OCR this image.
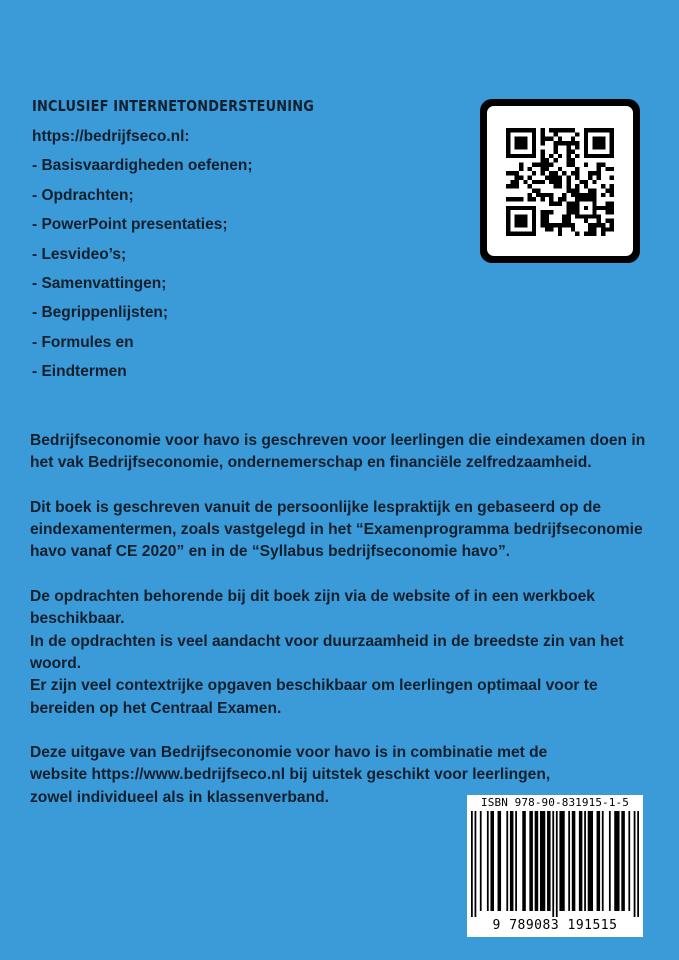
INCLUSIEF INTERNETONDERSTEUNING
https://bedrijfseco.nl:
- Basisvaardigheden oefenen;
- Opdrachten;
- PowerPoint presentaties;
- Lesvideo’s;
- Samenvattingen;
- Begrippenlijsten;
- Formules en
- Eindtermen

Bedrijfseconomie voor havo is geschreven voor leerlingen die eindexamen doen in
het vak Bedrijfseconomie, ondernemerschap en financiële zelfredzaamheid.

Dit boek is geschreven vanuit de persoonlijke lespraktijk en gebaseerd op de
eindexamentermen, zoals vastgelegd in het “Examenprogramma bedrijfseconomie
havo vanaf CE 2020” en in de “Syllabus bedrijfseconomie havo”.

De opdrachten behorende bij dit boek zijn via de website of in een werkboek
beschikbaar.
In de opdrachten is veel aandacht voor duurzaamheid in de breedste zin van het
woord.
Er zijn veel contextrijke opgaven beschikbaar om leerlingen optimaal voor te
bereiden op het Centraal Examen.

Deze uitgave van Bedrijfseconomie voor havo is in combinatie met de
website https://www.bedrijfseco.nl bij uitstek geschikt voor leerlingen,
zowel individueel als in klassenverband.	ISBN 978-90-831915-1-5
9 789083 191515
